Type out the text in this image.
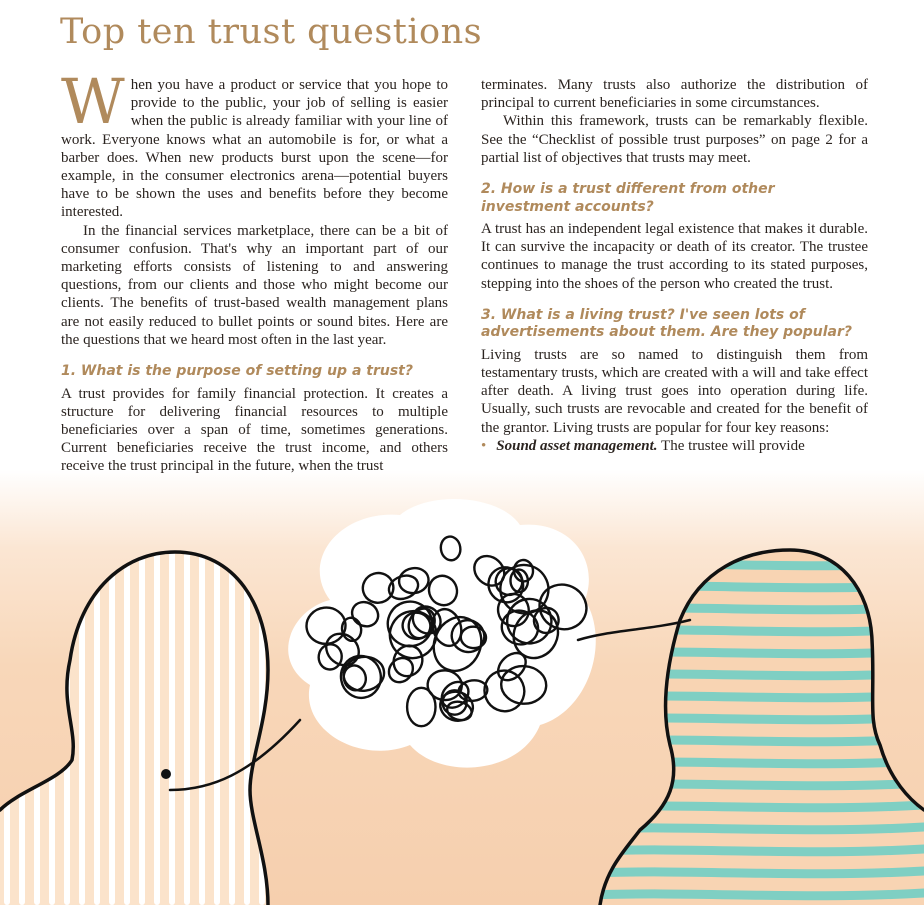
Top ten trust questions

When you have a product or service that you hope to provide to the public, your job of selling is easier when the public is already familiar with your line of work. Everyone knows what an automobile is for, or what a barber does. When new products burst upon the scene—for example, in the consumer electronics arena—potential buyers have to be shown the uses and benefits before they become interested.

In the financial services marketplace, there can be a bit of consumer confusion. That's why an important part of our marketing efforts consists of listening to and answering questions, from our clients and those who might become our clients. The benefits of trust-based wealth management plans are not easily reduced to bullet points or sound bites. Here are the questions that we heard most often in the last year.

1. What is the purpose of setting up a trust?

A trust provides for family financial protection. It creates a structure for delivering financial resources to multiple beneficiaries over a span of time, sometimes generations. Current beneficiaries receive the trust income, and others receive the trust principal in the future, when the trust

terminates. Many trusts also authorize the distribution of principal to current beneficiaries in some circumstances.

Within this framework, trusts can be remarkably flexible. See the “Checklist of possible trust purposes” on page 2 for a partial list of objectives that trusts may meet.

2. How is a trust different from other investment accounts?

A trust has an independent legal existence that makes it durable. It can survive the incapacity or death of its creator. The trustee continues to manage the trust according to its stated purposes, stepping into the shoes of the person who created the trust.

3. What is a living trust? I've seen lots of advertisements about them. Are they popular?

Living trusts are so named to distinguish them from testamentary trusts, which are created with a will and take effect after death. A living trust goes into operation during life. Usually, such trusts are revocable and created for the benefit of the grantor. Living trusts are popular for four key reasons:

• Sound asset management. The trustee will provide
